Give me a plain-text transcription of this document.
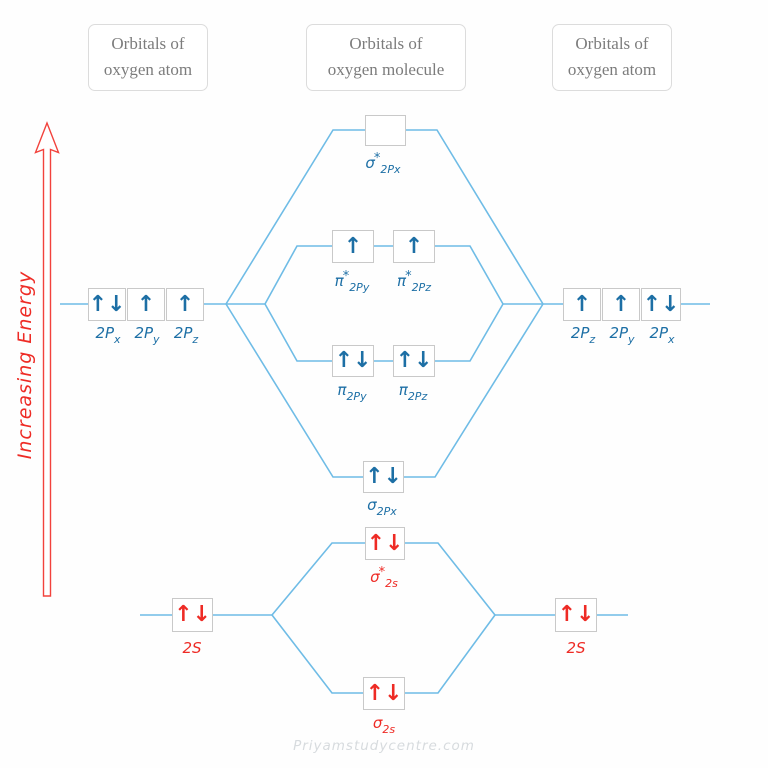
Orbitals of
oxygen atom
Orbitals of
oxygen molecule
Orbitals of
oxygen atom
Increasing Energy ↑↓ ↑ ↑
$2P_x$ $2P_y$ $2P_z$
↑ ↑ ↑↓
$2P_z$ $2P_y$ $2P_x$
$\sigma*_{2Px}$
↑ ↑
$\pi*_{2Py}$ $\pi*_{2Pz}$
↑↓ ↑↓
$\pi_{2Py}$ $\pi_{2Pz}$
↑↓
$\sigma_{2Px}$
↑↓
$\sigma*_{2s}$
↑↓
$\sigma_{2s}$
↑↓
2S
↑↓
2S
Priyamstudycentre.com
